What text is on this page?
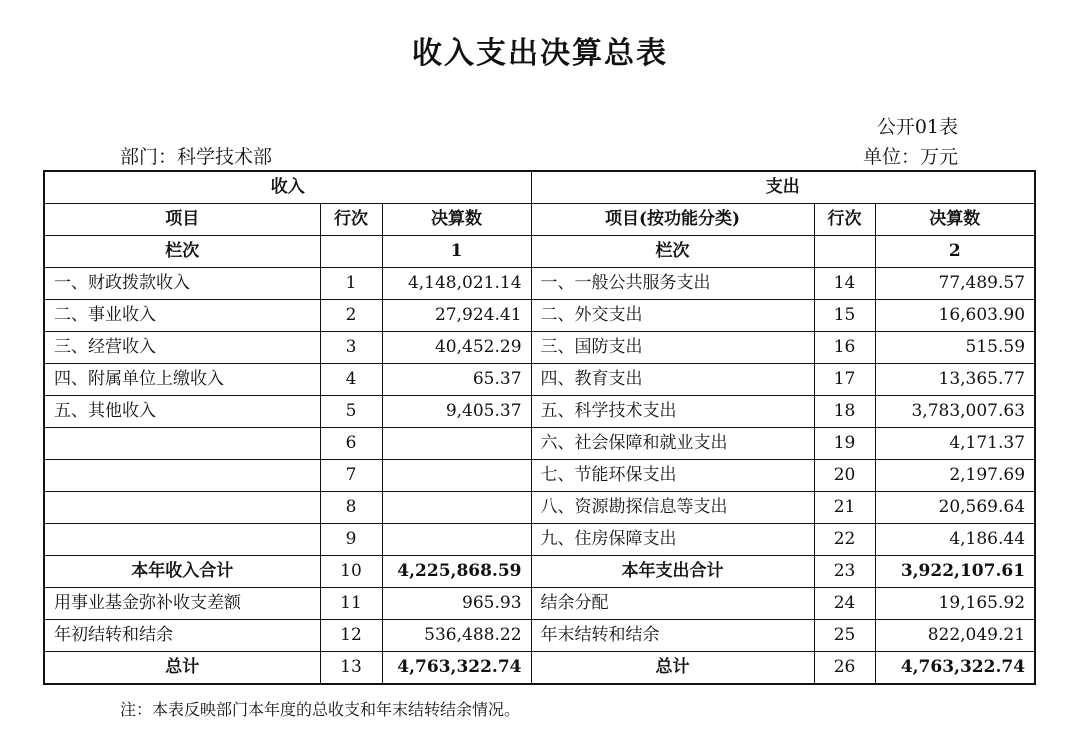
收入支出决算总表
公开01表
部门：科学技术部	单位：万元
收入			支出		
项目	行次	决算数	项目(按功能分类)	行次	决算数
栏次		1	栏次		2
一、财政拨款收入	1	4,148,021.14	一、一般公共服务支出	14	77,489.57
二、事业收入	2	27,924.41	二、外交支出	15	16,603.90
三、经营收入	3	40,452.29	三、国防支出	16	515.59
四、附属单位上缴收入	4	65.37	四、教育支出	17	13,365.77
五、其他收入	5	9,405.37	五、科学技术支出	18	3,783,007.63
	6		六、社会保障和就业支出	19	4,171.37
	7		七、节能环保支出	20	2,197.69
	8		八、资源勘探信息等支出	21	20,569.64
	9		九、住房保障支出	22	4,186.44
本年收入合计	10	4,225,868.59	本年支出合计	23	3,922,107.61
用事业基金弥补收支差额	11	965.93	结余分配	24	19,165.92
年初结转和结余	12	536,488.22	年末结转和结余	25	822,049.21
总计	13	4,763,322.74	总计	26	4,763,322.74
注：本表反映部门本年度的总收支和年末结转结余情况。
